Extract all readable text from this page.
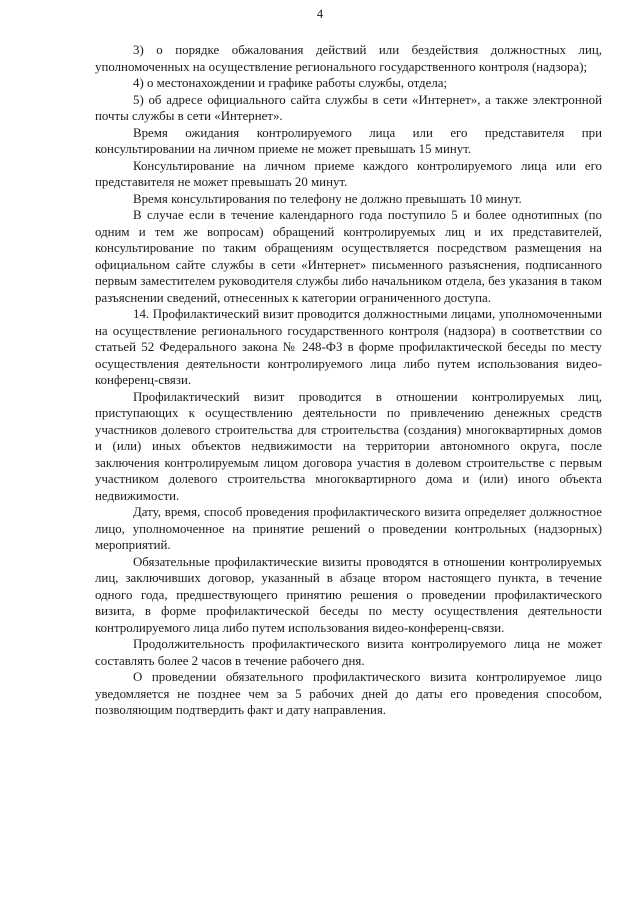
4

3) о порядке обжалования действий или бездействия должностных лиц, уполномоченных на осуществление регионального государственного контроля (надзора);

4) о местонахождении и графике работы службы, отдела;

5) об адресе официального сайта службы в сети «Интернет», а также электронной почты службы в сети «Интернет».

Время ожидания контролируемого лица или его представителя при консультировании на личном приеме не может превышать 15 минут.

Консультирование на личном приеме каждого контролируемого лица или его представителя не может превышать 20 минут.

Время консультирования по телефону не должно превышать 10 минут.

В случае если в течение календарного года поступило 5 и более однотипных (по одним и тем же вопросам) обращений контролируемых лиц и их представителей, консультирование по таким обращениям осуществляется посредством размещения на официальном сайте службы в сети «Интернет» письменного разъяснения, подписанного первым заместителем руководителя службы либо начальником отдела, без указания в таком разъяснении сведений, отнесенных к категории ограниченного доступа.

14. Профилактический визит проводится должностными лицами, уполномоченными на осуществление регионального государственного контроля (надзора) в соответствии со статьей 52 Федерального закона № 248-ФЗ в форме профилактической беседы по месту осуществления деятельности контролируемого лица либо путем использования видео-конференц-связи.

Профилактический визит проводится в отношении контролируемых лиц, приступающих к осуществлению деятельности по привлечению денежных средств участников долевого строительства для строительства (создания) многоквартирных домов и (или) иных объектов недвижимости на территории автономного округа, после заключения контролируемым лицом договора участия в долевом строительстве с первым участником долевого строительства многоквартирного дома и (или) иного объекта недвижимости.

Дату, время, способ проведения профилактического визита определяет должностное лицо, уполномоченное на принятие решений о проведении контрольных (надзорных) мероприятий.

Обязательные профилактические визиты проводятся в отношении контролируемых лиц, заключивших договор, указанный в абзаце втором настоящего пункта, в течение одного года, предшествующего принятию решения о проведении профилактического визита, в форме профилактической беседы по месту осуществления деятельности контролируемого лица либо путем использования видео-конференц-связи.

Продолжительность профилактического визита контролируемого лица не может составлять более 2 часов в течение рабочего дня.

О проведении обязательного профилактического визита контролируемое лицо уведомляется не позднее чем за 5 рабочих дней до даты его проведения способом, позволяющим подтвердить факт и дату направления.
